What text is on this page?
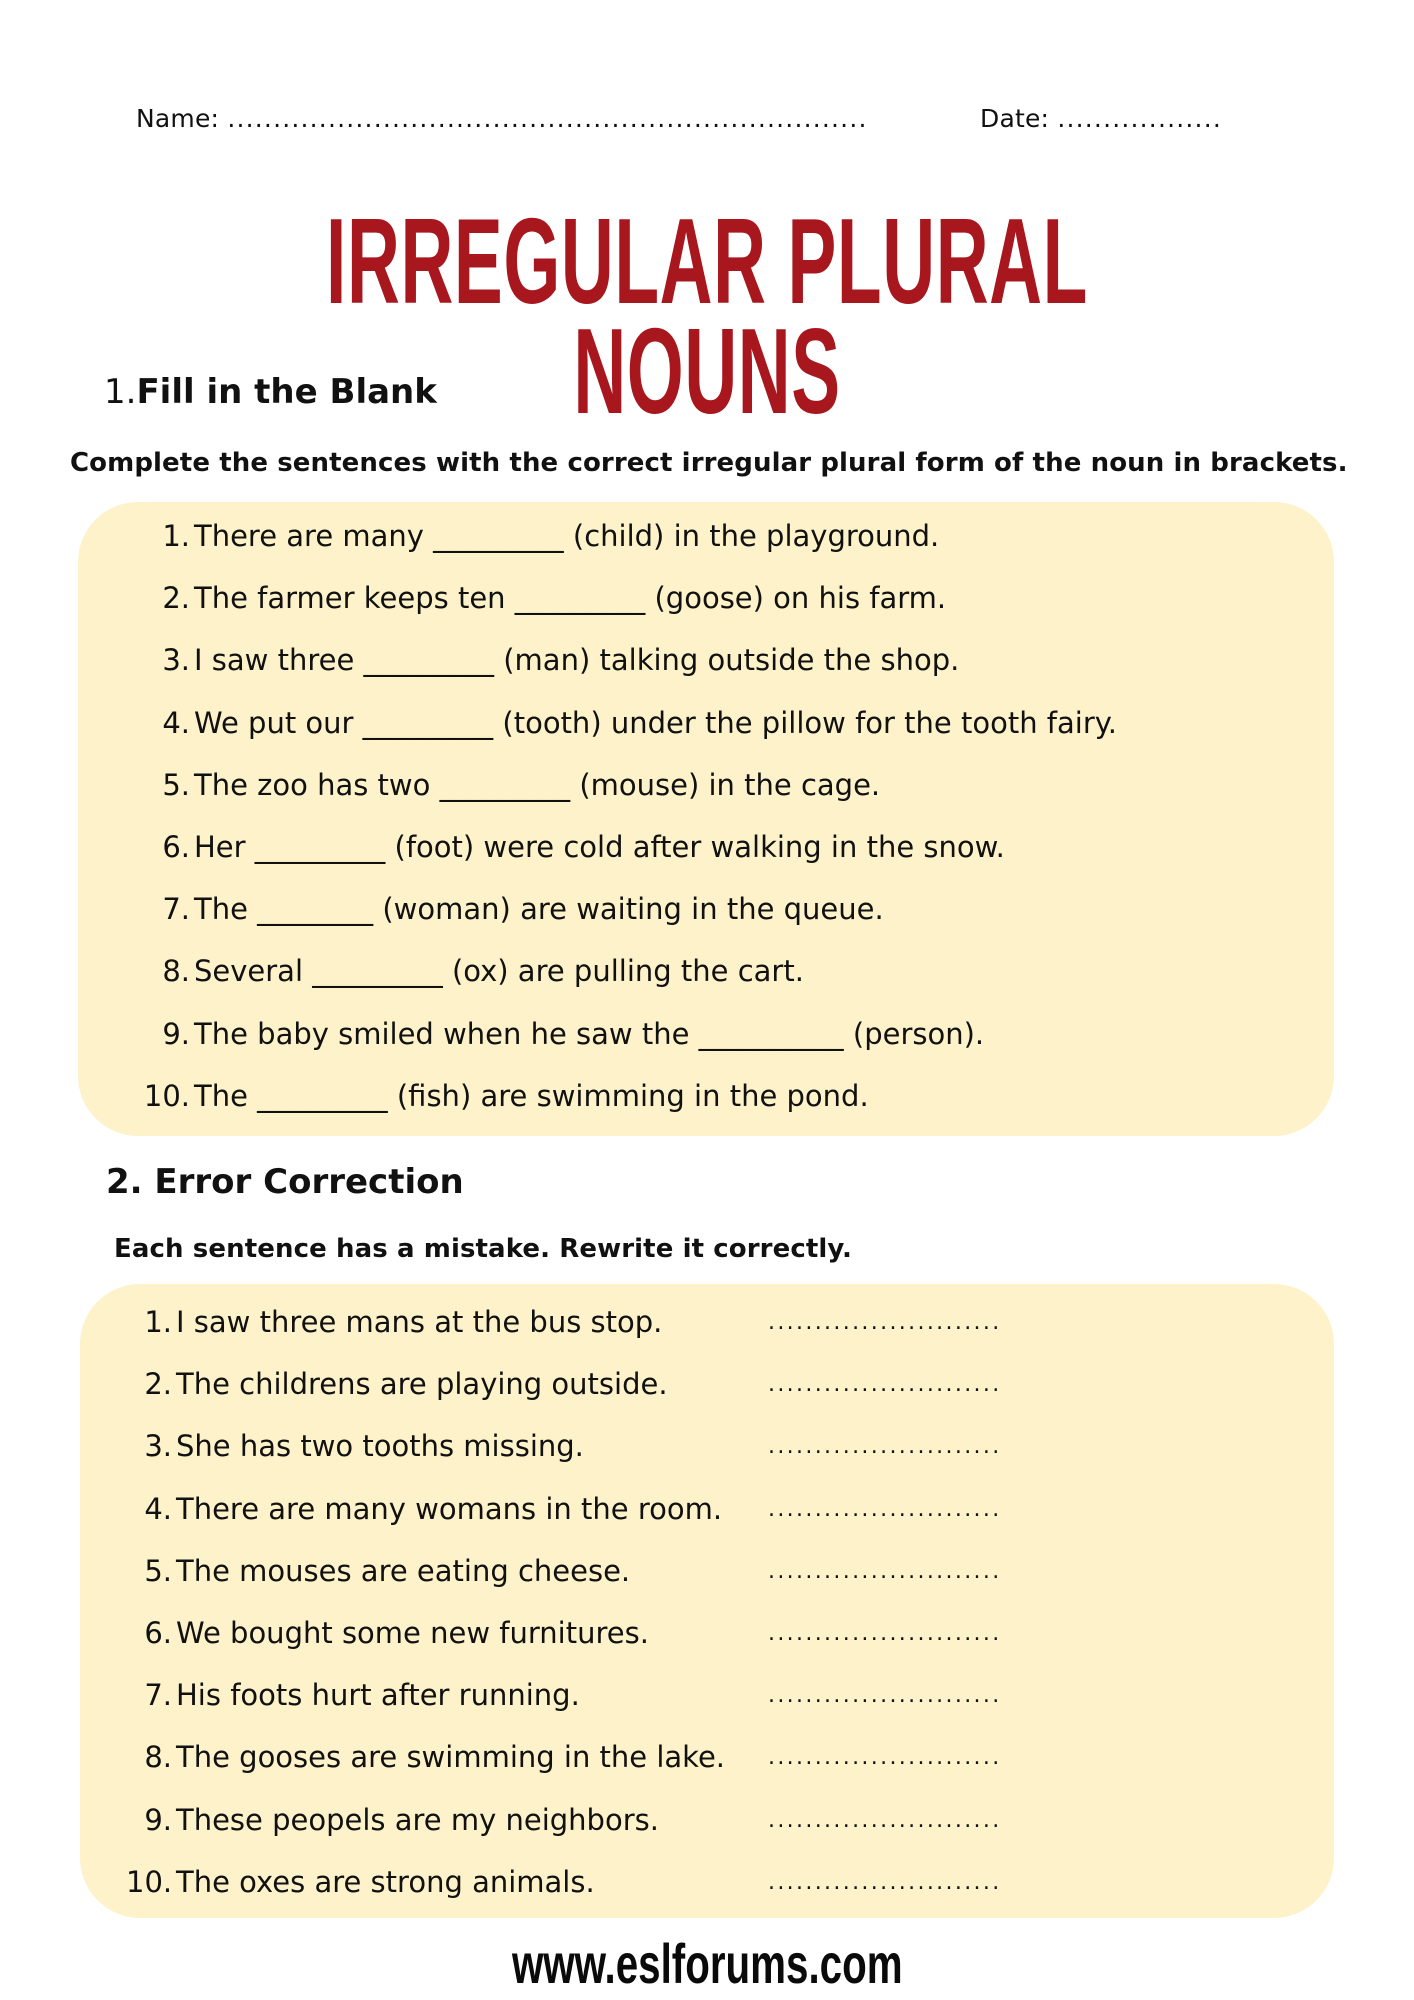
Name: ......................................................................	Date: ..................
IRREGULAR PLURAL NOUNS
1.Fill in the Blank
Complete the sentences with the correct irregular plural form of the noun in brackets.
1. There are many _________ (child) in the playground.
2. The farmer keeps ten _________ (goose) on his farm.
3. I saw three _________ (man) talking outside the shop.
4. We put our _________ (tooth) under the pillow for the tooth fairy.
5. The zoo has two _________ (mouse) in the cage.
6. Her _________ (foot) were cold after walking in the snow.
7. The ________ (woman) are waiting in the queue.
8. Several _________ (ox) are pulling the cart.
9. The baby smiled when he saw the __________ (person).
10. The _________ (fish) are swimming in the pond.
2. Error Correction
Each sentence has a mistake. Rewrite it correctly.
1. I saw three mans at the bus stop.	.........................
2. The childrens are playing outside.	.........................
3. She has two tooths missing.	.........................
4. There are many womans in the room. .........................
5. The mouses are eating cheese.	.........................
6. We bought some new furnitures.	.........................
7. His foots hurt after running.	.........................
8. The gooses are swimming in the lake. .........................
9. These peopels are my neighbors.	.........................
10. The oxes are strong animals.	.........................
www.eslforums.com
